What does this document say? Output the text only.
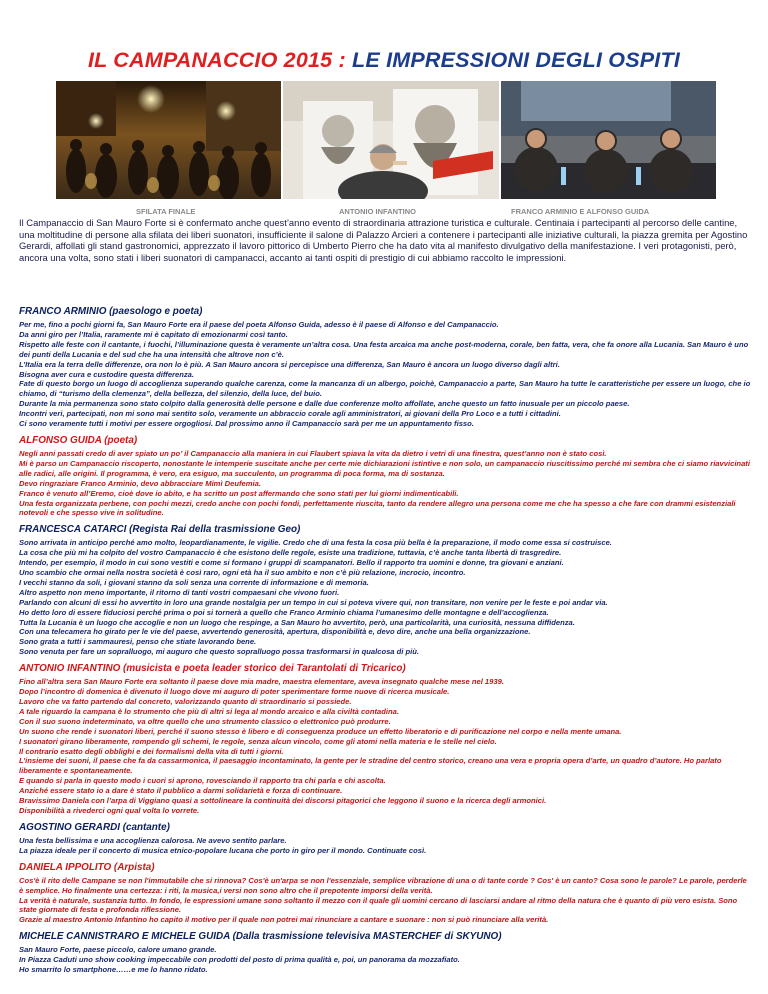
IL CAMPANACCIO 2015 : LE IMPRESSIONI DEGLI OSPITI
SFILATA FINALE	ANTONIO INFANTINO	FRANCO ARMINIO E ALFONSO GUIDA
Il Campanaccio di San Mauro Forte si è confermato anche quest’anno evento di straordinaria attrazione turistica e culturale. Centinaia i partecipanti al percorso delle cantine, una moltitudine di persone alla sfilata dei liberi suonatori, insufficiente il salone di Palazzo Arcieri a contenere i partecipanti alle iniziative culturali, la piazza gremita per Agostino Gerardi, affollati gli stand gastronomici, apprezzato il lavoro pittorico di Umberto Pierro che ha dato vita al manifesto divulgativo della manifestazione. I veri protagonisti, però, ancora una volta, sono stati i liberi suonatori di campanacci, accanto ai tanti ospiti di prestigio di cui abbiamo raccolto le impressioni.
FRANCO ARMINIO (paesologo e poeta)
Per me, fino a pochi giorni fa, San Mauro Forte era il paese del poeta Alfonso Guida, adesso è il paese di Alfonso e del Campanaccio.
Da anni giro per l’Italia, raramente mi è capitato di emozionarmi così tanto.
Rispetto alle feste con il cantante, i fuochi, l’illuminazione questa è veramente un’altra cosa. Una festa arcaica ma anche post-moderna, corale, ben fatta, vera, che fa onore alla Lucania. San Mauro è uno dei punti della Lucania e del sud che ha una intensità che altrove non c’è.
L’Italia era la terra delle differenze, ora non lo è più. A San Mauro ancora si percepisce una differenza, San Mauro è ancora un luogo diverso dagli altri.
Bisogna aver cura e custodire questa differenza.
Fate di questo borgo un luogo di accoglienza superando qualche carenza, come la mancanza di un albergo, poichè, Campanaccio a parte, San Mauro ha tutte le caratteristiche per essere un luogo, che io chiamo, di “turismo della clemenza”, della bellezza, del silenzio, della luce, del buio.
Durante la mia permanenza sono stato colpito dalla generosità delle persone e dalle due conferenze molto affollate, anche questo un fatto inusuale per un piccolo paese.
Incontri veri, partecipati, non mi sono mai sentito solo, veramente un abbraccio corale agli amministratori, ai giovani della Pro Loco e a tutti i cittadini.
Ci sono veramente tutti i motivi per essere orgogliosi. Dal prossimo anno il Campanaccio sarà per me un appuntamento fisso.
ALFONSO GUIDA (poeta)
Negli anni passati credo di aver spiato un po’ il Campanaccio alla maniera in cui Flaubert spiava la vita da dietro i vetri di una finestra, quest’anno non è stato così.
Mi è parso un Campanaccio riscoperto, nonostante le intemperie suscitate anche per certe mie dichiarazioni istintive e non solo, un campanaccio riuscitissimo perché mi sembra che ci siamo riavvicinati alle radici, alle origini. Il programma, è vero, era esiguo, ma succulento, un programma di poca forma, ma di sostanza.
Devo ringraziare Franco Arminio, devo abbracciare Mimì Deufemia.
Franco è venuto all’Eremo, cioè dove io abito, e ha scritto un post affermando che sono stati per lui giorni indimenticabili.
Una festa organizzata perbene, con pochi mezzi, credo anche con pochi fondi, perfettamente riuscita, tanto da rendere allegro una persona come me che ha spesso a che fare con drammi esistenziali notevoli e che spesso vive in solitudine.
FRANCESCA CATARCI (Regista Rai della trasmissione Geo)
Sono arrivata in anticipo perché amo molto, leopardianamente, le vigilie. Credo che di una festa la cosa più bella è la preparazione, il modo come essa si costruisce.
La cosa che più mi ha colpito del vostro Campanaccio è che esistono delle regole, esiste una tradizione, tuttavia, c’è anche tanta libertà di trasgredire.
Intendo, per esempio, il modo in cui sono vestiti e come si formano i gruppi di scampanatori. Bello il rapporto tra uomini e donne, tra giovani e anziani.
Uno scambio che ormai nella nostra società è così raro, ogni età ha il suo ambito e non c’è più relazione, incrocio, incontro.
I vecchi stanno da soli, i giovani stanno da soli senza una corrente di informazione e di memoria.
Altro aspetto non meno importante, il ritorno di tanti vostri compaesani che vivono fuori.
Parlando con alcuni di essi ho avvertito in loro una grande nostalgia per un tempo in cui si poteva vivere qui, non transitare, non venire per le feste e poi andar via.
Ho detto loro di essere fiduciosi perché prima o poi si tornerà a quello che Franco Arminio chiama l’umanesimo delle montagne e dell’accoglienza.
Tutta la Lucania è un luogo che accoglie e non un luogo che respinge, a San Mauro ho avvertito, però, una particolarità, una curiosità, nessuna diffidenza.
Con una telecamera ho girato per le vie del paese, avvertendo generosità, apertura, disponibilità e, devo dire, anche una bella organizzazione.
Sono grata a tutti i sammauresi, penso che stiate lavorando bene.
Sono venuta per fare un sopralluogo, mi auguro che questo sopralluogo possa trasformarsi in qualcosa di più.
ANTONIO INFANTINO (musicista e poeta leader storico dei Tarantolati di Tricarico)
Fino all’altra sera San Mauro Forte era soltanto il paese dove mia madre, maestra elementare, aveva insegnato qualche mese nel 1939.
Dopo l’incontro di domenica è divenuto il luogo dove mi auguro di poter sperimentare forme nuove di ricerca musicale.
Lavoro che va fatto partendo dal concreto, valorizzando quanto di straordinario si possiede.
A tale riguardo la campana è lo strumento che più di altri si lega al mondo arcaico e alla civiltà contadina.
Con il suo suono indeterminato, va oltre quello che uno strumento classico o elettronico può produrre.
Un suono che rende i suonatori liberi, perché il suono stesso è libero e di conseguenza produce un effetto liberatorio e di purificazione nel corpo e nella mente umana.
I suonatori girano liberamente, rompendo gli schemi, le regole, senza alcun vincolo, come gli atomi nella materia e le stelle nel cielo.
Il contrario esatto degli obblighi e dei formalismi della vita di tutti i giorni.
L’insieme dei suoni, il paese che fa da cassarmonica, il paesaggio incontaminato, la gente per le stradine del centro storico, creano una vera e propria opera d’arte, un quadro d’autore. Ho parlato liberamente e spontaneamente.
E quando si parla in questo modo i cuori si aprono, rovesciando il rapporto tra chi parla e chi ascolta.
Anziché essere stato io a dare è stato il pubblico a darmi solidarietà e forza di continuare.
Bravissimo Daniela con l’arpa di Viggiano quasi a sottolineare la continuità dei discorsi pitagorici che leggono il suono e la ricerca degli armonici.
Disponibilità a rivederci ogni qual volta lo vorrete.
AGOSTINO GERARDI (cantante)
Una festa bellissima e una accoglienza calorosa. Ne avevo sentito parlare.
La piazza ideale per il concerto di musica etnico-popolare lucana che porto in giro per il mondo. Continuate così.
DANIELA IPPOLITO (Arpista)
Cos'è il rito delle Campane se non l'immutabile che si rinnova? Cos'è un'arpa se non l'essenziale, semplice vibrazione di una o di tante corde ? Cos' è un canto? Cosa sono le parole? Le parole, perderle è semplice. Ho finalmente una certezza: i riti, la musica,i versi non sono altro che il prepotente imporsi della verità.
La verità è naturale, sustanzia tutto. In fondo, le espressioni umane sono soltanto il mezzo con il quale gli uomini cercano di lasciarsi andare al ritmo della natura che è quanto di più vero esista. Sono state giornate di festa e profonda riflessione.
Grazie al maestro Antonio Infantino ho capito il motivo per il quale non potrei mai rinunciare a cantare e suonare : non si può rinunciare alla verità.
MICHELE CANNISTRARO E MICHELE GUIDA (Dalla trasmissione televisiva MASTERCHEF di SKYUNO)
San Mauro Forte, paese piccolo, calore umano grande.
In Piazza Caduti uno show cooking impeccabile con prodotti del posto di prima qualità e, poi, un panorama da mozzafiato.
Ho smarrito lo smartphone……e me lo hanno ridato.
